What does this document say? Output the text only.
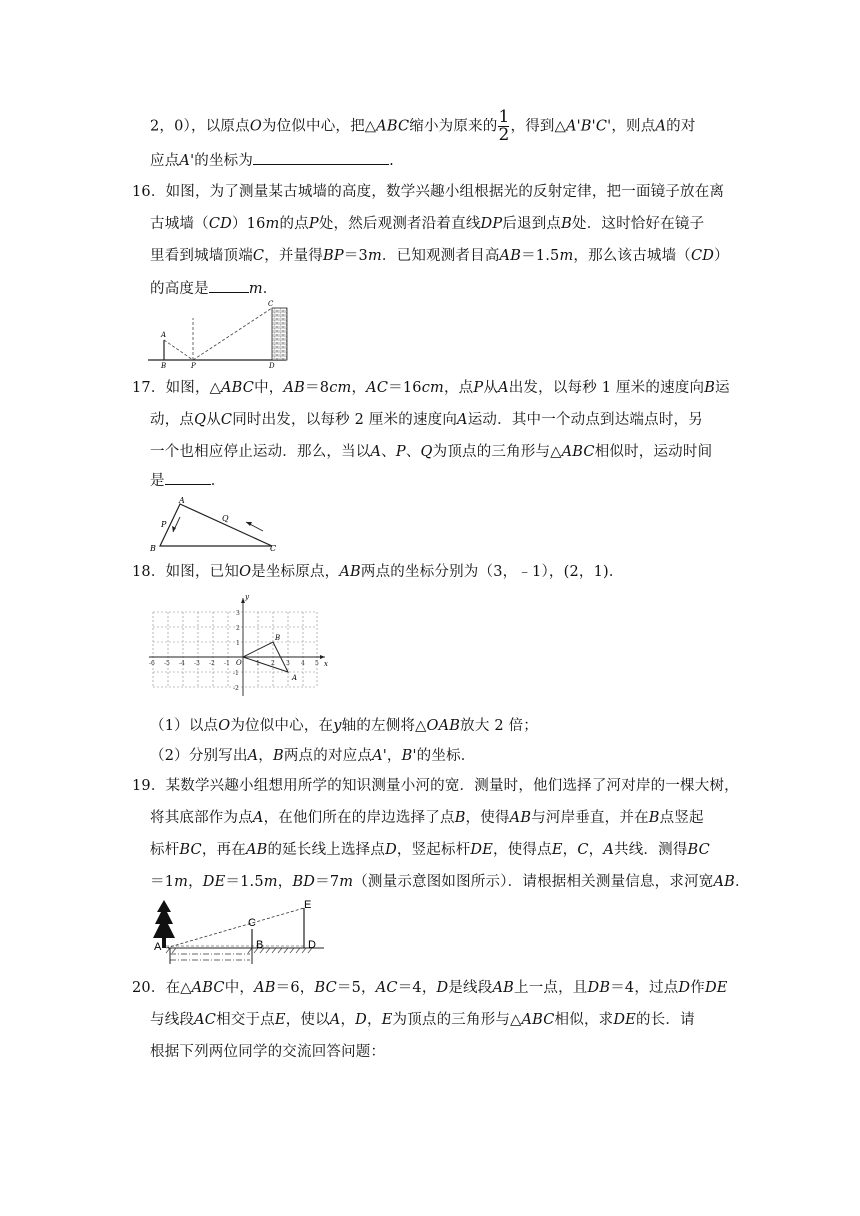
2，0），以原点O为位似中心，把△ABC缩小为原来的 $\frac{1}{2}$ ，得到△A'B'C'，则点A的对
应点A'的坐标为	.
16．如图，为了测量某古城墙的高度，数学兴趣小组根据光的反射定律，把一面镜子放在离
古城墙（CD）16m的点P处，然后观测者沿着直线DP后退到点B处．这时恰好在镜子
里看到城墙顶端C，并量得BP＝3m．已知观测者目高AB＝1.5m，那么该古城墙（CD）
的高度是	m．
A
B	P
C
D
17．如图，△ABC中，AB＝8cm，AC＝16cm，点P从A出发，以每秒 1 厘米的速度向B运
动，点Q从C同时出发，以每秒 2 厘米的速度向A运动．其中一个动点到达端点时，另
一个也相应停止运动．那么，当以A、P、Q为顶点的三角形与△ABC相似时，运动时间
是	．
A
B	C
P
Q
18．如图，已知O是坐标原点，AB两点的坐标分别为（3，﹣1），(2，1)．
-6 -5 -4 -3 -2 -1	1 2 3 4 5
3
2
1
-1
-2
O	x
y
A
B
（1）以点O为位似中心，在y轴的左侧将△OAB放大 2 倍；
（2）分别写出A，B两点的对应点A'，B'的坐标．
19．某数学兴趣小组想用所学的知识测量小河的宽．测量时，他们选择了河对岸的一棵大树，
将其底部作为点A，在他们所在的岸边选择了点B，使得AB与河岸垂直，并在B点竖起
标杆BC，再在AB的延长线上选择点D，竖起标杆DE，使得点E，C，A共线．测得BC
＝1m，DE＝1.5m，BD＝7m（测量示意图如图所示）．请根据相关测量信息，求河宽AB．
A	B
C
D
E
20．在△ABC中，AB＝6，BC＝5，AC＝4，D是线段AB上一点，且DB＝4，过点D作DE
与线段AC相交于点E，使以A，D，E为顶点的三角形与△ABC相似，求DE的长．请
根据下列两位同学的交流回答问题：
